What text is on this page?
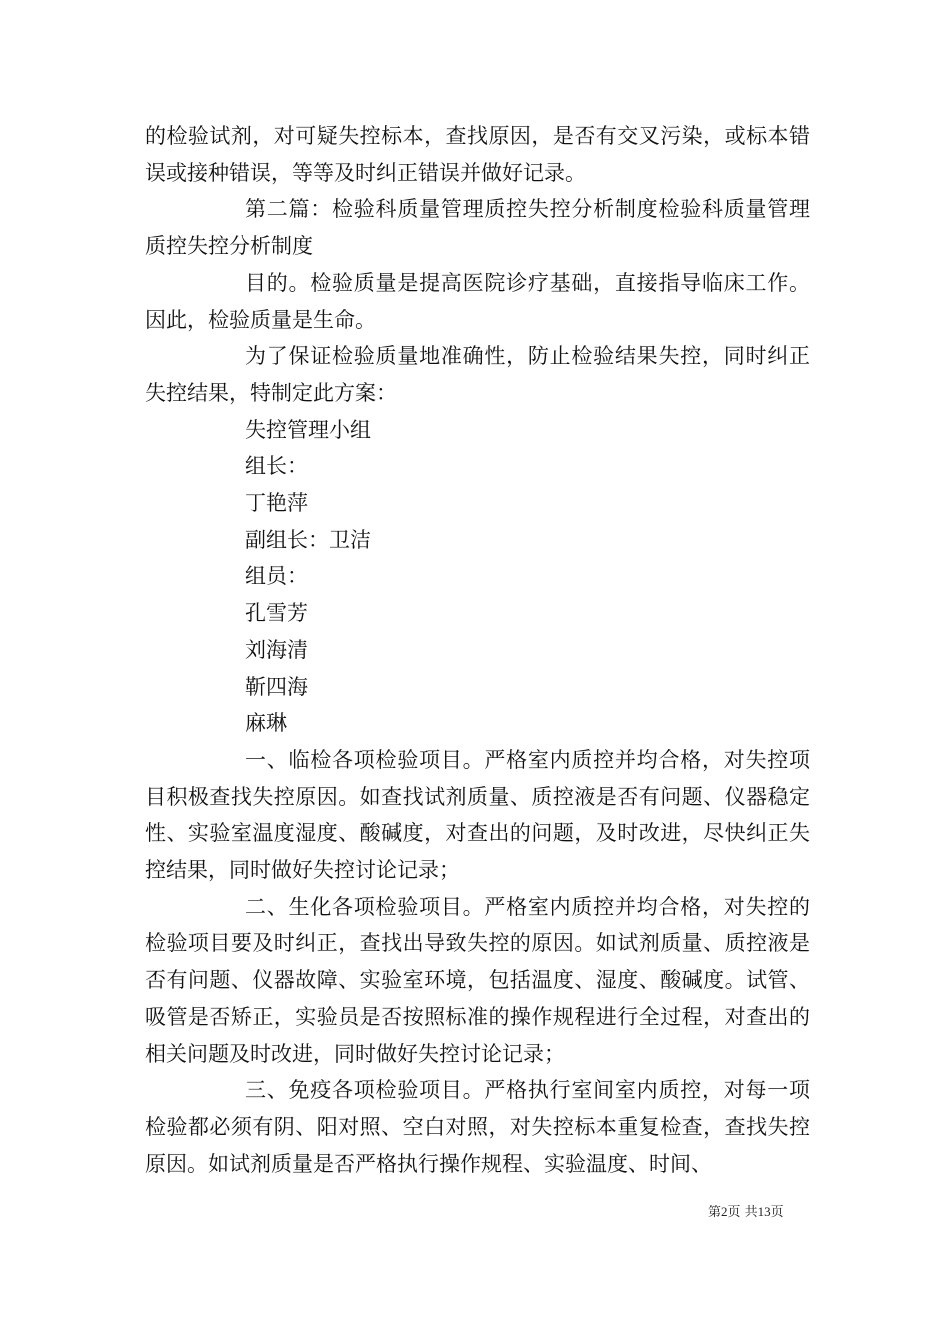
的检验试剂，对可疑失控标本，查找原因，是否有交叉污染，或标本错误或接种错误，等等及时纠正错误并做好记录。

第二篇：检验科质量管理质控失控分析制度检验科质量管理质控失控分析制度

目的。检验质量是提高医院诊疗基础，直接指导临床工作。因此，检验质量是生命。

为了保证检验质量地准确性，防止检验结果失控，同时纠正失控结果，特制定此方案：

失控管理小组

组长：

丁艳萍

副组长：卫洁

组员：

孔雪芳

刘海清

靳四海

麻琳

一、临检各项检验项目。严格室内质控并均合格，对失控项目积极查找失控原因。如查找试剂质量、质控液是否有问题、仪器稳定性、实验室温度湿度、酸碱度，对查出的问题，及时改进，尽快纠正失控结果，同时做好失控讨论记录；

二、生化各项检验项目。严格室内质控并均合格，对失控的检验项目要及时纠正，查找出导致失控的原因。如试剂质量、质控液是否有问题、仪器故障、实验室环境，包括温度、湿度、酸碱度。试管、吸管是否矫正，实验员是否按照标准的操作规程进行全过程，对查出的相关问题及时改进，同时做好失控讨论记录；

三、免疫各项检验项目。严格执行室间室内质控，对每一项检验都必须有阴、阳对照、空白对照，对失控标本重复检查，查找失控原因。如试剂质量是否严格执行操作规程、实验温度、时间、

第2页 共13页
